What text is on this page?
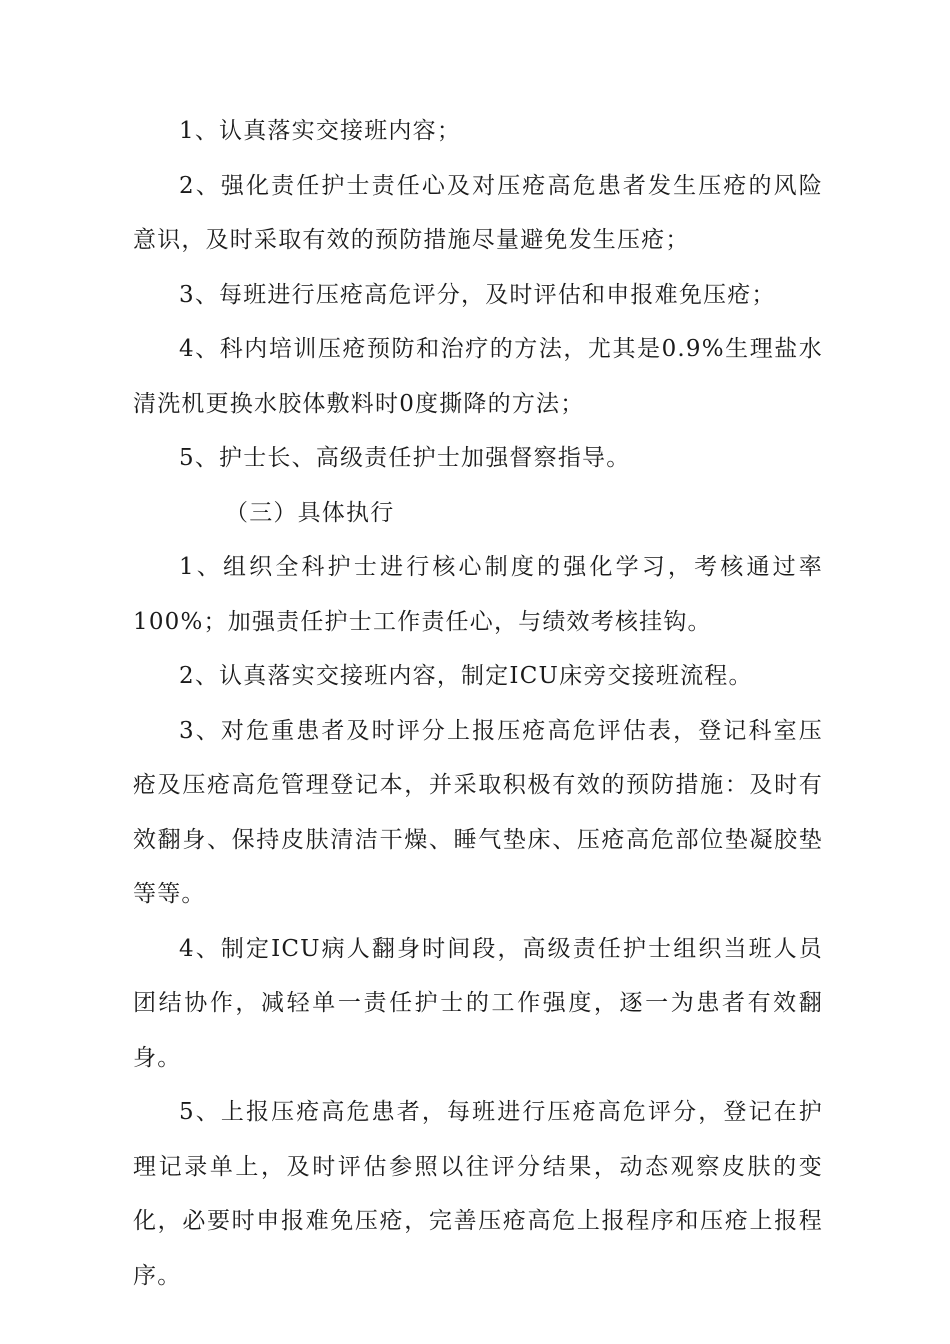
1、认真落实交接班内容；

2、强化责任护士责任心及对压疮高危患者发生压疮的风险意识，及时采取有效的预防措施尽量避免发生压疮；

3、每班进行压疮高危评分，及时评估和申报难免压疮；

4、科内培训压疮预防和治疗的方法，尤其是0.9%生理盐水清洗机更换水胶体敷料时0度撕降的方法；

5、护士长、高级责任护士加强督察指导。

（三）具体执行

1、组织全科护士进行核心制度的强化学习，考核通过率100%；加强责任护士工作责任心，与绩效考核挂钩。

2、认真落实交接班内容，制定ICU床旁交接班流程。

3、对危重患者及时评分上报压疮高危评估表，登记科室压疮及压疮高危管理登记本，并采取积极有效的预防措施：及时有效翻身、保持皮肤清洁干燥、睡气垫床、压疮高危部位垫凝胶垫等等。

4、制定ICU病人翻身时间段，高级责任护士组织当班人员团结协作，减轻单一责任护士的工作强度，逐一为患者有效翻身。

5、上报压疮高危患者，每班进行压疮高危评分，登记在护理记录单上，及时评估参照以往评分结果，动态观察皮肤的变化，必要时申报难免压疮，完善压疮高危上报程序和压疮上报程序。
